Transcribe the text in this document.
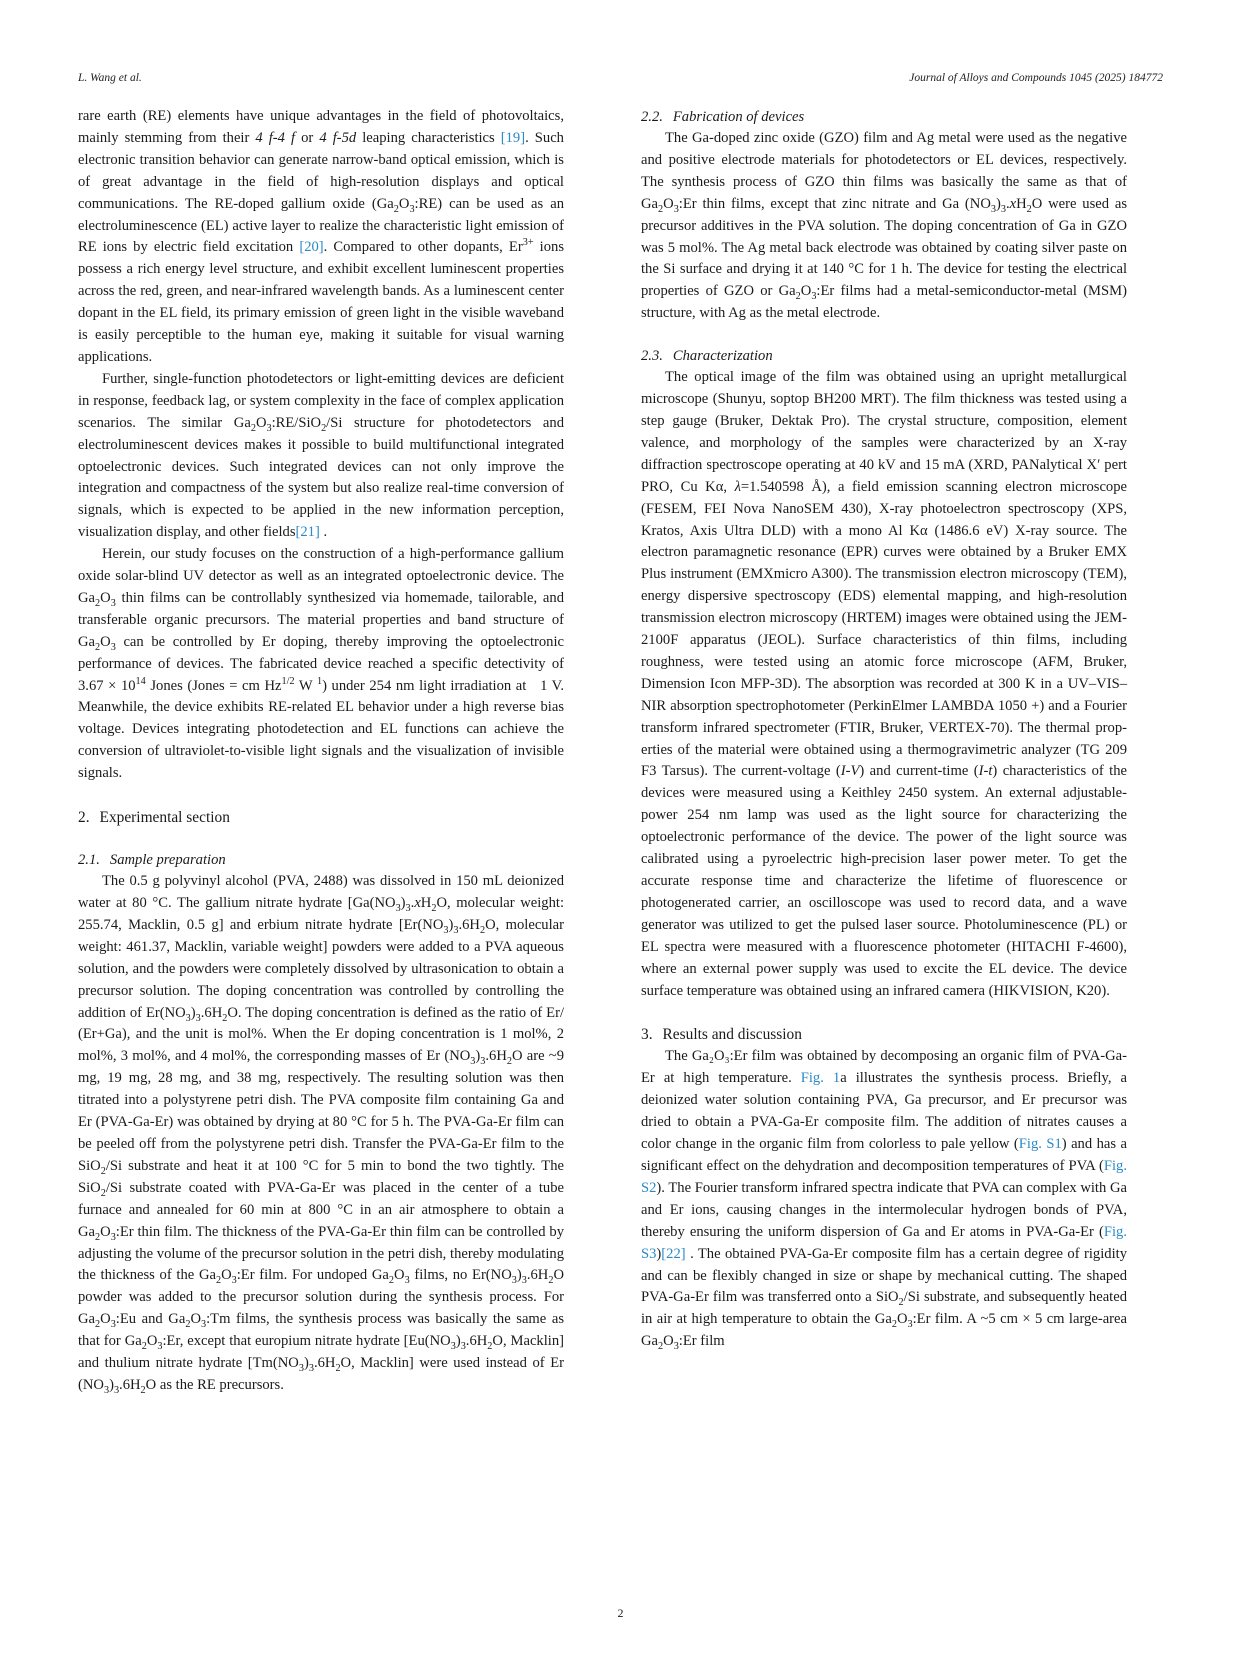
L. Wang et al.	Journal of Alloys and Compounds 1045 (2025) 184772

rare earth (RE) elements have unique advantages in the field of photovoltaics, mainly stemming from their 4 f-4 f or 4 f-5d leaping characteristics [19]. Such electronic transition behavior can generate narrow-band optical emission, which is of great advantage in the field of high-resolution displays and optical communications. The RE-doped gallium oxide $(Ga_2O_3:RE)$ can be used as an electroluminescence (EL) active layer to realize the characteristic light emission of RE ions by electric field excitation [20]. Compared to other dopants, $Er^{3+}$ ions possess a rich energy level structure, and exhibit excellent luminescent properties across the red, green, and near-infrared wavelength bands. As a luminescent center dopant in the EL field, its primary emission of green light in the visible waveband is easily perceptible to the human eye, making it suitable for visual warning applications.

Further, single-function photodetectors or light-emitting devices are deficient in response, feedback lag, or system complexity in the face of complex application scenarios. The similar $Ga_2O_3:RE/SiO_2/Si$ structure for photodetectors and electroluminescent devices makes it possible to build multifunctional integrated optoelectronic devices. Such integrated devices can not only improve the integration and compactness of the system but also realize real-time conversion of signals, which is expected to be applied in the new information perception, visualization display, and other fields[21] .

Herein, our study focuses on the construction of a high-performance gallium oxide solar-blind UV detector as well as an integrated optoelectronic device. The $Ga_2O_3$ thin films can be controllably synthesized via homemade, tailorable, and transferable organic precursors. The material properties and band structure of $Ga_2O_3$ can be controlled by Er doping, thereby improving the optoelectronic performance of devices. The fabricated device reached a specific detectivity of $3.67 \times 10^{14}$ Jones (Jones = cm $Hz^{1/2}$ W $^1$) under 254 nm light irradiation at   1 V. Meanwhile, the device exhibits RE-related EL behavior under a high reverse bias voltage. Devices integrating photodetection and EL functions can achieve the conversion of ultraviolet-to-visible light signals and the visualization of invisible signals.

2. Experimental section
2.1. Sample preparation

The 0.5 g polyvinyl alcohol (PVA, 2488) was dissolved in 150 mL deionized water at 80 °C. The gallium nitrate hydrate [$Ga(NO_3)_3.xH_2O$, molecular weight: 255.74, Macklin, 0.5 g] and erbium nitrate hydrate [$Er(NO_3)_3.6H_2O$, molecular weight: 461.37, Macklin, variable weight] powders were added to a PVA aqueous solution, and the powders were completely dissolved by ultrasonication to obtain a precursor solution. The doping concentration was controlled by controlling the addition of $Er(NO_3)_3.6H_2O$. The doping concentration is defined as the ratio of Er/ (Er+Ga), and the unit is mol%. When the Er doping concentration is 1 mol%, 2 mol%, 3 mol%, and 4 mol%, the corresponding masses of Er $(NO_3)_3.6H_2O$ are ~9 mg, 19 mg, 28 mg, and 38 mg, respectively. The resulting solution was then titrated into a polystyrene petri dish. The PVA composite film containing Ga and Er (PVA-Ga-Er) was obtained by drying at 80 °C for 5 h. The PVA-Ga-Er film can be peeled off from the polystyrene petri dish. Transfer the PVA-Ga-Er film to the SiO$_2$/Si substrate and heat it at 100 °C for 5 min to bond the two tightly. The SiO$_2$/Si substrate coated with PVA-Ga-Er was placed in the center of a tube furnace and annealed for 60 min at 800 °C in an air atmosphere to obtain a $Ga_2O_3:Er$ thin film. The thickness of the PVA-Ga-Er thin film can be controlled by adjusting the volume of the precursor solution in the petri dish, thereby modulating the thickness of the $Ga_2O_3:Er$ film. For undoped $Ga_2O_3$ films, no $Er(NO_3)_3.6H_2O$ powder was added to the precursor solution during the synthesis process. For $Ga_2O_3:Eu$ and $Ga_2O_3:Tm$ films, the synthesis process was basically the same as that for $Ga_2O_3:Er$, except that europium nitrate hydrate [$Eu(NO_3)_3.6H_2O$, Macklin] and thulium nitrate hydrate [$Tm(NO_3)_3.6H_2O$, Macklin] were used instead of Er $(NO_3)_3.6H_2O$ as the RE precursors.

2.2. Fabrication of devices

The Ga-doped zinc oxide (GZO) film and Ag metal were used as the negative and positive electrode materials for photodetectors or EL devices, respectively. The synthesis process of GZO thin films was basically the same as that of $Ga_2O_3:Er$ thin films, except that zinc nitrate and Ga $(NO_3)_3.xH_2O$ were used as precursor additives in the PVA solution. The doping concentration of Ga in GZO was 5 mol%. The Ag metal back electrode was obtained by coating silver paste on the Si surface and drying it at 140 °C for 1 h. The device for testing the electrical properties of GZO or $Ga_2O_3:Er$ films had a metal-semiconductor-metal (MSM) structure, with Ag as the metal electrode.

2.3. Characterization

The optical image of the film was obtained using an upright metallurgical microscope (Shunyu, soptop BH200 MRT). The film thickness was tested using a step gauge (Bruker, Dektak Pro). The crystal structure, composition, element valence, and morphology of the samples were characterized by an X-ray diffraction spectroscope operating at 40 kV and 15 mA (XRD, PANalytical X′ pert PRO, Cu Kα, λ=1.540598 Å), a field emission scanning electron microscope (FESEM, FEI Nova NanoSEM 430), X-ray photoelectron spectroscopy (XPS, Kratos, Axis Ultra DLD) with a mono Al Kα (1486.6 eV) X-ray source. The electron paramagnetic resonance (EPR) curves were obtained by a Bruker EMX Plus instrument (EMXmicro A300). The transmission electron microscopy (TEM), energy dispersive spectroscopy (EDS) elemental mapping, and high-resolution transmission electron microscopy (HRTEM) images were obtained using the JEM-2100F apparatus (JEOL). Surface characteristics of thin films, including roughness, were tested using an atomic force microscope (AFM, Bruker, Dimension Icon MFP-3D). The absorption was recorded at 300 K in a UV–VIS–NIR absorption spectrophotometer (PerkinElmer LAMBDA 1050 +) and a Fourier transform infrared spectrometer (FTIR, Bruker, VERTEX-70). The thermal properties of the material were obtained using a thermogravimetric analyzer (TG 209 F3 Tarsus). The current-voltage (I-V) and current-time (I-t) characteristics of the devices were measured using a Keithley 2450 system. An external adjustable-power 254 nm lamp was used as the light source for characterizing the optoelectronic performance of the device. The power of the light source was calibrated using a pyroelectric high-precision laser power meter. To get the accurate response time and characterize the lifetime of fluorescence or photogenerated carrier, an oscilloscope was used to record data, and a wave generator was utilized to get the pulsed laser source. Photoluminescence (PL) or EL spectra were measured with a fluorescence photometer (HITACHI F-4600), where an external power supply was used to excite the EL device. The device surface temperature was obtained using an infrared camera (HIKVISION, K20).

3. Results and discussion

The Ga₂O₃:Er film was obtained by decomposing an organic film of PVA-Ga-Er at high temperature. Fig. 1a illustrates the synthesis process. Briefly, a deionized water solution containing PVA, Ga precursor, and Er precursor was dried to obtain a PVA-Ga-Er composite film. The addition of nitrates causes a color change in the organic film from colorless to pale yellow (Fig. S1) and has a significant effect on the dehydration and decomposition temperatures of PVA (Fig. S2). The Fourier transform infrared spectra indicate that PVA can complex with Ga and Er ions, causing changes in the intermolecular hydrogen bonds of PVA, thereby ensuring the uniform dispersion of Ga and Er atoms in PVA-Ga-Er (Fig. S3)[22] . The obtained PVA-Ga-Er composite film has a certain degree of rigidity and can be flexibly changed in size or shape by mechanical cutting. The shaped PVA-Ga-Er film was transferred onto a SiO$_2$/Si substrate, and subsequently heated in air at high temperature to obtain the $Ga_2O_3:Er$ film. A ~5 cm × 5 cm large-area $Ga_2O_3:Er$ film

2
